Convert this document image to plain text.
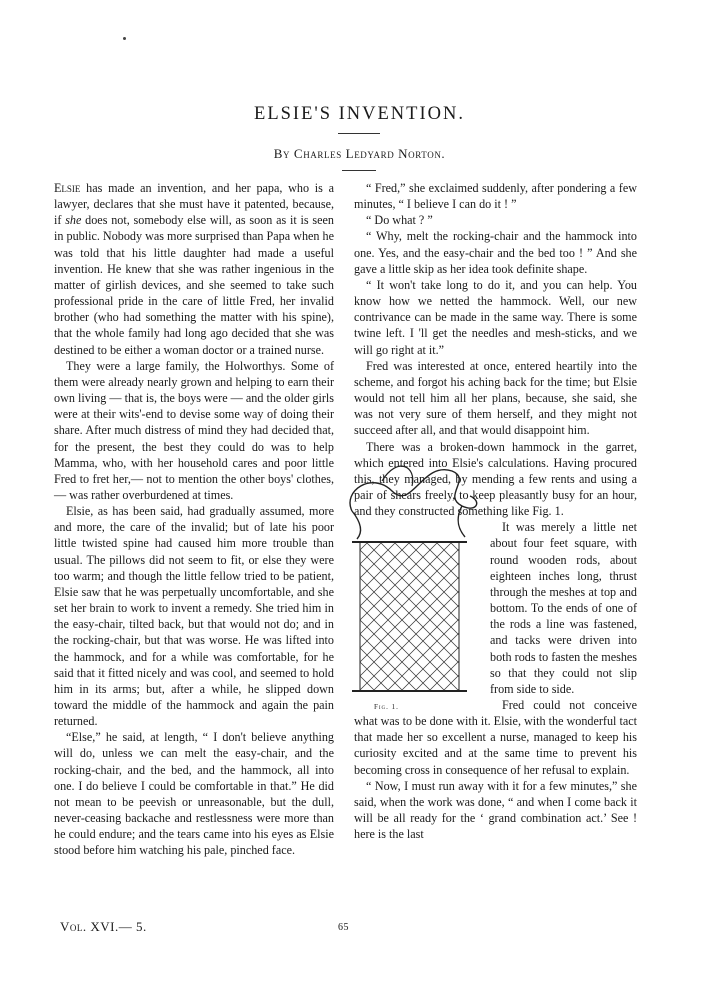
ELSIE'S INVENTION.
By Charles Ledyard Norton.

Elsie has made an invention, and her papa, who is a lawyer, declares that she must have it patented, because, if she does not, somebody else will, as soon as it is seen in public. Nobody was more surprised than Papa when he was told that his little daughter had made a useful invention. He knew that she was rather ingenious in the matter of girlish devices, and she seemed to take such professional pride in the care of little Fred, her invalid brother (who had something the matter with his spine), that the whole family had long ago decided that she was destined to be either a woman doctor or a trained nurse.

They were a large family, the Holworthys. Some of them were already nearly grown and helping to earn their own living — that is, the boys were — and the older girls were at their wits'-end to devise some way of doing their share. After much distress of mind they had decided that, for the present, the best they could do was to help Mamma, who, with her household cares and poor little Fred to fret her,— not to mention the other boys' clothes,— was rather overburdened at times.

Elsie, as has been said, had gradually assumed, more and more, the care of the invalid; but of late his poor little twisted spine had caused him more trouble than usual. The pillows did not seem to fit, or else they were too warm; and though the little fellow tried to be patient, Elsie saw that he was perpetually uncomfortable, and she set her brain to work to invent a remedy. She tried him in the easy-chair, tilted back, but that would not do; and in the rocking-chair, but that was worse. He was lifted into the hammock, and for a while was comfortable, for he said that it fitted nicely and was cool, and seemed to hold him in its arms; but, after a while, he slipped down toward the middle of the hammock and again the pain returned.

“Else,” he said, at length, “ I don't believe anything will do, unless we can melt the easy-chair, and the rocking-chair, and the bed, and the hammock, all into one. I do believe I could be comfortable in that.” He did not mean to be peevish or unreasonable, but the dull, never-ceasing backache and restlessness were more than he could endure; and the tears came into his eyes as Elsie stood before him watching his pale, pinched face.

“ Fred,” she exclaimed suddenly, after pondering a few minutes, “ I believe I can do it ! ”

“ Do what ? ”

“ Why, melt the rocking-chair and the hammock into one. Yes, and the easy-chair and the bed too ! ” And she gave a little skip as her idea took definite shape.

“ It won't take long to do it, and you can help. You know how we netted the hammock. Well, our new contrivance can be made in the same way. There is some twine left. I 'll get the needles and mesh-sticks, and we will go right at it.”

Fred was interested at once, entered heartily into the scheme, and forgot his aching back for the time; but Elsie would not tell him all her plans, because, she said, she was not very sure of them herself, and they might not succeed after all, and that would disappoint him.

There was a broken-down hammock in the garret, which entered into Elsie's calculations. Having procured this, they managed, by mending a few rents and using a pair of shears freely, to keep pleasantly busy for an hour, and they constructed something like Fig. 1.

Fig. 1.

It was merely a little net about four feet square, with round wooden rods, about eighteen inches long, thrust through the meshes at top and bottom. To the ends of one of the rods a line was fastened, and tacks were driven into both rods to fasten the meshes so that they could not slip from side to side.

Fred could not conceive what was to be done with it. Elsie, with the wonderful tact that made her so excellent a nurse, managed to keep his curiosity excited and at the same time to prevent his becoming cross in consequence of her refusal to explain.

“ Now, I must run away with it for a few minutes,” she said, when the work was done, “ and when I come back it will be all ready for the ‘ grand combination act.’ See ! here is the last

Vol. XVI.— 5.	65
